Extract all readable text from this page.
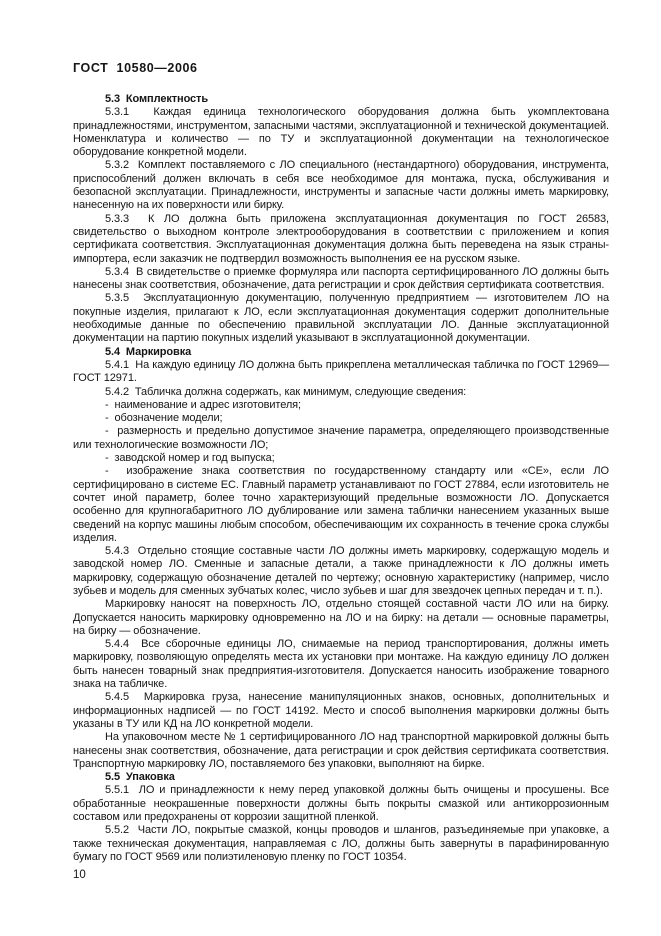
ГОСТ  10580—2006

5.3  Комплектность

5.3.1  Каждая единица технологического оборудования должна быть укомплектована принадлежностями, инструментом, запасными частями, эксплуатационной и технической документацией. Номенклатура и количество — по ТУ и эксплуатационной документации на технологическое оборудование конкретной модели.

5.3.2  Комплект поставляемого с ЛО специального (нестандартного) оборудования, инструмента, приспособлений должен включать в себя все необходимое для монтажа, пуска, обслуживания и безопасной эксплуатации. Принадлежности, инструменты и запасные части должны иметь маркировку, нанесенную на их поверхности или бирку.

5.3.3  К ЛО должна быть приложена эксплуатационная документация по ГОСТ 26583, свидетельство о выходном контроле электрооборудования в соответствии с приложением и копия сертификата соответствия. Эксплуатационная документация должна быть переведена на язык страны-импортера, если заказчик не подтвердил возможность выполнения ее на русском языке.

5.3.4  В свидетельстве о приемке формуляра или паспорта сертифицированного ЛО должны быть нанесены знак соответствия, обозначение, дата регистрации и срок действия сертификата соответствия.

5.3.5  Эксплуатационную документацию, полученную предприятием — изготовителем ЛО на покупные изделия, прилагают к ЛО, если эксплуатационная документация содержит дополнительные необходимые данные по обеспечению правильной эксплуатации ЛО. Данные эксплуатационной документации на партию покупных изделий указывают в эксплуатационной документации.

5.4  Маркировка

5.4.1  На каждую единицу ЛО должна быть прикреплена металлическая табличка по ГОСТ 12969—ГОСТ 12971.

5.4.2  Табличка должна содержать, как минимум, следующие сведения:

-  наименование и адрес изготовителя;

-  обозначение модели;

-  размерность и предельно допустимое значение параметра, определяющего производственные или технологические возможности ЛО;

-  заводской номер и год выпуска;

-  изображение знака соответствия по государственному стандарту или «СЕ», если ЛО сертифицировано в системе ЕС. Главный параметр устанавливают по ГОСТ 27884, если изготовитель не сочтет иной параметр, более точно характеризующий предельные возможности ЛО. Допускается особенно для крупногабаритного ЛО дублирование или замена таблички нанесением указанных выше сведений на корпус машины любым способом, обеспечивающим их сохранность в течение срока службы изделия.

5.4.3  Отдельно стоящие составные части ЛО должны иметь маркировку, содержащую модель и заводской номер ЛО. Сменные и запасные детали, а также принадлежности к ЛО должны иметь маркировку, содержащую обозначение деталей по чертежу; основную характеристику (например, число зубьев и модель для сменных зубчатых колес, число зубьев и шаг для звездочек цепных передач и т. п.).

Маркировку наносят на поверхность ЛО, отдельно стоящей составной части ЛО или на бирку. Допускается наносить маркировку одновременно на ЛО и на бирку: на детали — основные параметры, на бирку — обозначение.

5.4.4  Все сборочные единицы ЛО, снимаемые на период транспортирования, должны иметь маркировку, позволяющую определять места их установки при монтаже. На каждую единицу ЛО должен быть нанесен товарный знак предприятия-изготовителя. Допускается наносить изображение товарного знака на табличке.

5.4.5  Маркировка груза, нанесение манипуляционных знаков, основных, дополнительных и информационных надписей — по ГОСТ 14192. Место и способ выполнения маркировки должны быть указаны в ТУ или КД на ЛО конкретной модели.

На упаковочном месте № 1 сертифицированного ЛО над транспортной маркировкой должны быть нанесены знак соответствия, обозначение, дата регистрации и срок действия сертификата соответствия. Транспортную маркировку ЛО, поставляемого без упаковки, выполняют на бирке.

5.5  Упаковка

5.5.1  ЛО и принадлежности к нему перед упаковкой должны быть очищены и просушены. Все обработанные неокрашенные поверхности должны быть покрыты смазкой или антикоррозионным составом или предохранены от коррозии защитной пленкой.

5.5.2  Части ЛО, покрытые смазкой, концы проводов и шлангов, разъединяемые при упаковке, а также техническая документация, направляемая с ЛО, должны быть завернуты в парафинированную бумагу по ГОСТ 9569 или полиэтиленовую пленку по ГОСТ 10354.

10
